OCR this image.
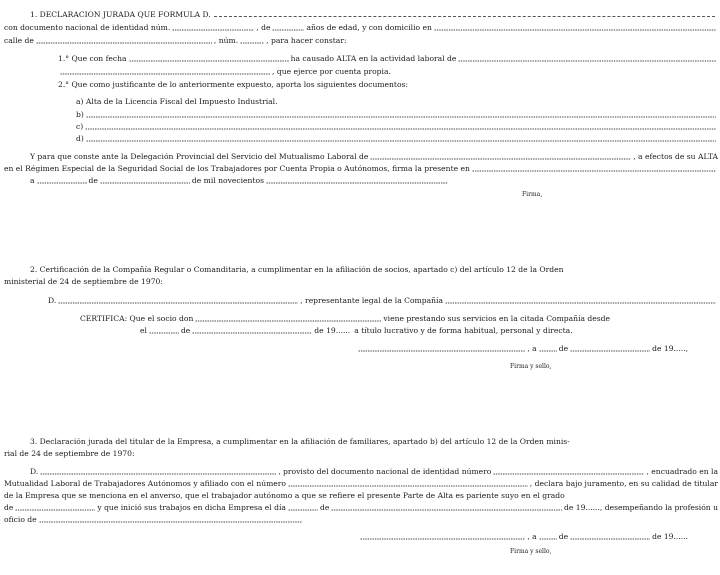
1. DECLARACION JURADA QUE FORMULA D.
con documento nacional de identidad núm.	, de	años de edad, y con domicilio en
calle de	, núm.	, para hacer constar:
1.° Que con fecha	ha causado ALTA en la actividad laboral de
, que ejerce por cuenta propia.
2.° Que como justificante de lo anteriormente expuesto, aporta los siguientes documentos:
a) Alta de la Licencia Fiscal del Impuesto Industrial.
b)
c)
d)
Y para que conste ante la Delegación Provincial del Servicio del Mutualismo Laboral de	, a efectos de su ALTA
en el Régimen Especial de la Seguridad Social de los Trabajadores por Cuenta Propia o Autónomos, firma la presente en
a	de	de mil novecientos
Firma,
2. Certificación de la Compañía Regular o Comanditaria, a cumplimentar en la afiliación de socios, apartado c) del artículo 12 de la Orden
ministerial de 24 de septiembre de 1970:
D.	, representante legal de la Compañía
CERTIFICA: Que el socio don	viene prestando sus servicios en la citada Compañía desde
el	de	de 19...... a título lucrativo y de forma habitual, personal y directa.
, a	de	de 19.....,
Firma y sello,
3. Declaración jurada del titular de la Empresa, a cumplimentar en la afiliación de familiares, apartado b) del artículo 12 de la Orden minis-
rial de 24 de septiembre de 1970:
D.	, provisto del documento nacional de identidad número	, encuadrado en la
Mutualidad Laboral de Trabajadores Autónomos y afiliado con el número	, declara bajo juramento, en su calidad de titular
de la Empresa que se menciona en el anverso, que el trabajador autónomo a que se refiere el presente Parte de Alta es pariente suyo en el grado
de	y que inició sus trabajos en dicha Empresa el día	de	de 19......, desempeñando la profesión u
oficio de
, a	de	de 19......
Firma y sello,
